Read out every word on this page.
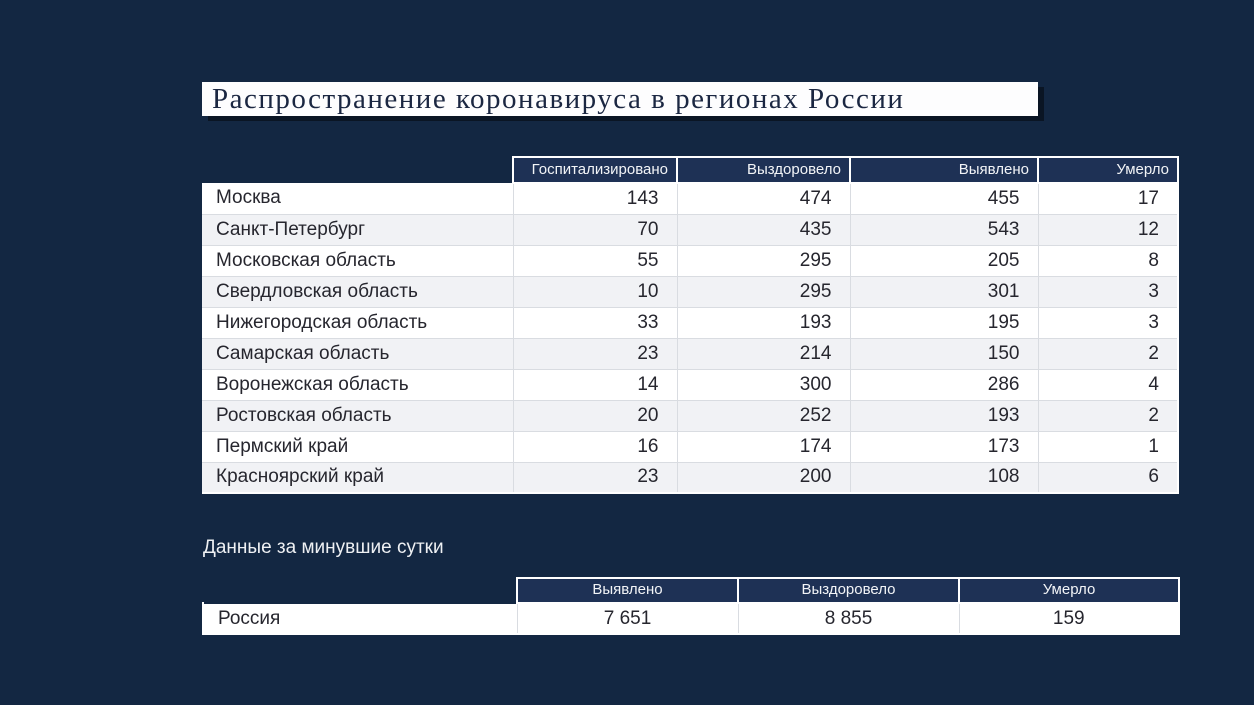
Распространение коронавируса в регионах России
	Госпитализировано	Выздоровело	Выявлено	Умерло
Москва	143	474	455	17
Санкт-Петербург	70	435	543	12
Московская область	55	295	205	8
Свердловская область	10	295	301	3
Нижегородская область	33	193	195	3
Самарская область	23	214	150	2
Воронежская область	14	300	286	4
Ростовская область	20	252	193	2
Пермский край	16	174	173	1
Красноярский край	23	200	108	6
Данные за минувшие сутки
	Выявлено	Выздоровело	Умерло
Россия	7 651	8 855	159
